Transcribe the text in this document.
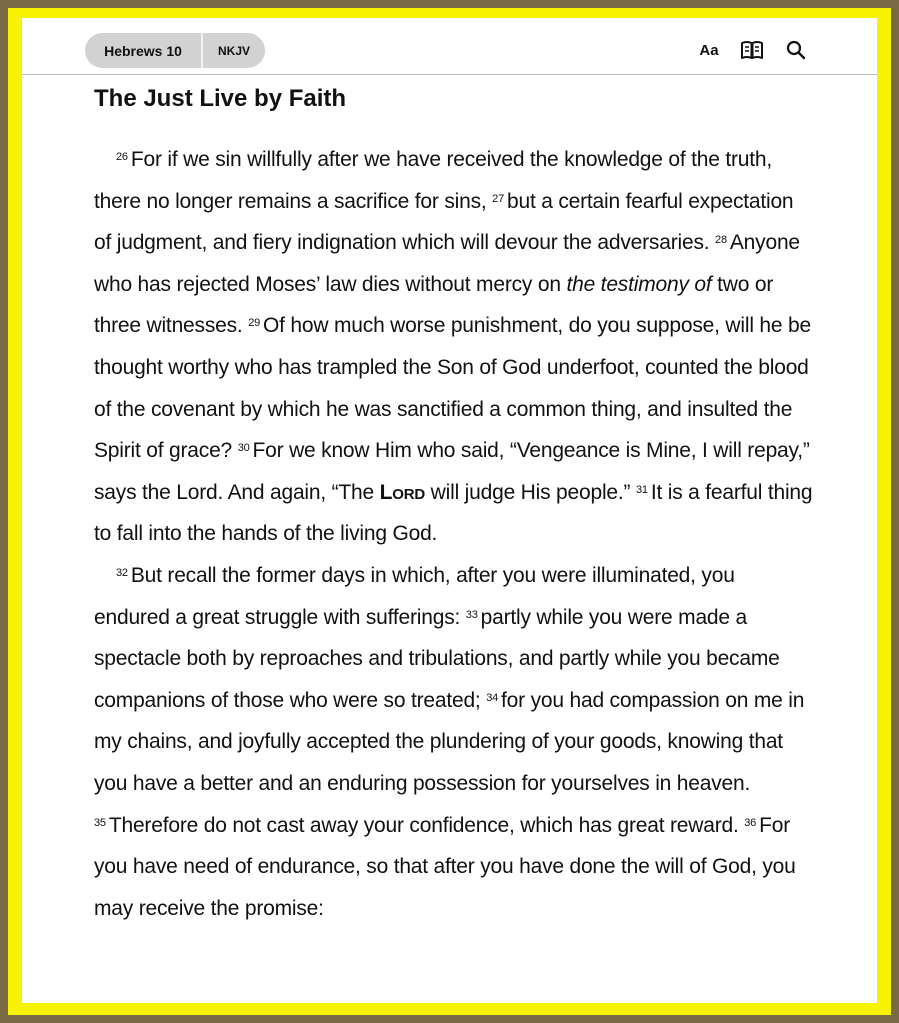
Hebrews 10	NKJV	Aa
The Just Live by Faith

$^{26}$ For if we sin willfully after we have received the knowledge of the truth, there no longer remains a sacrifice for sins, $^{27}$ but a certain fearful expectation of judgment, and fiery indignation which will devour the adversaries. $^{28}$ Anyone who has rejected Moses’ law dies without mercy on the testimony of two or three witnesses. $^{29}$ Of how much worse punishment, do you suppose, will he be thought worthy who has trampled the Son of God underfoot, counted the blood of the covenant by which he was sanctified a common thing, and insulted the Spirit of grace? $^{30}$ For we know Him who said, “Vengeance is Mine, I will repay,” says the Lord. And again, “The Lord will judge His people.” $^{31}$ It is a fearful thing to fall into the hands of the living God.

$^{32}$ But recall the former days in which, after you were illuminated, you endured a great struggle with sufferings: $^{33}$ partly while you were made a spectacle both by reproaches and tribulations, and partly while you became companions of those who were so treated; $^{34}$ for you had compassion on me in my chains, and joyfully accepted the plundering of your goods, knowing that you have a better and an enduring possession for yourselves in heaven. $^{35}$ Therefore do not cast away your confidence, which has great reward. $^{36}$ For you have need of endurance, so that after you have done the will of God, you may receive the promise:
